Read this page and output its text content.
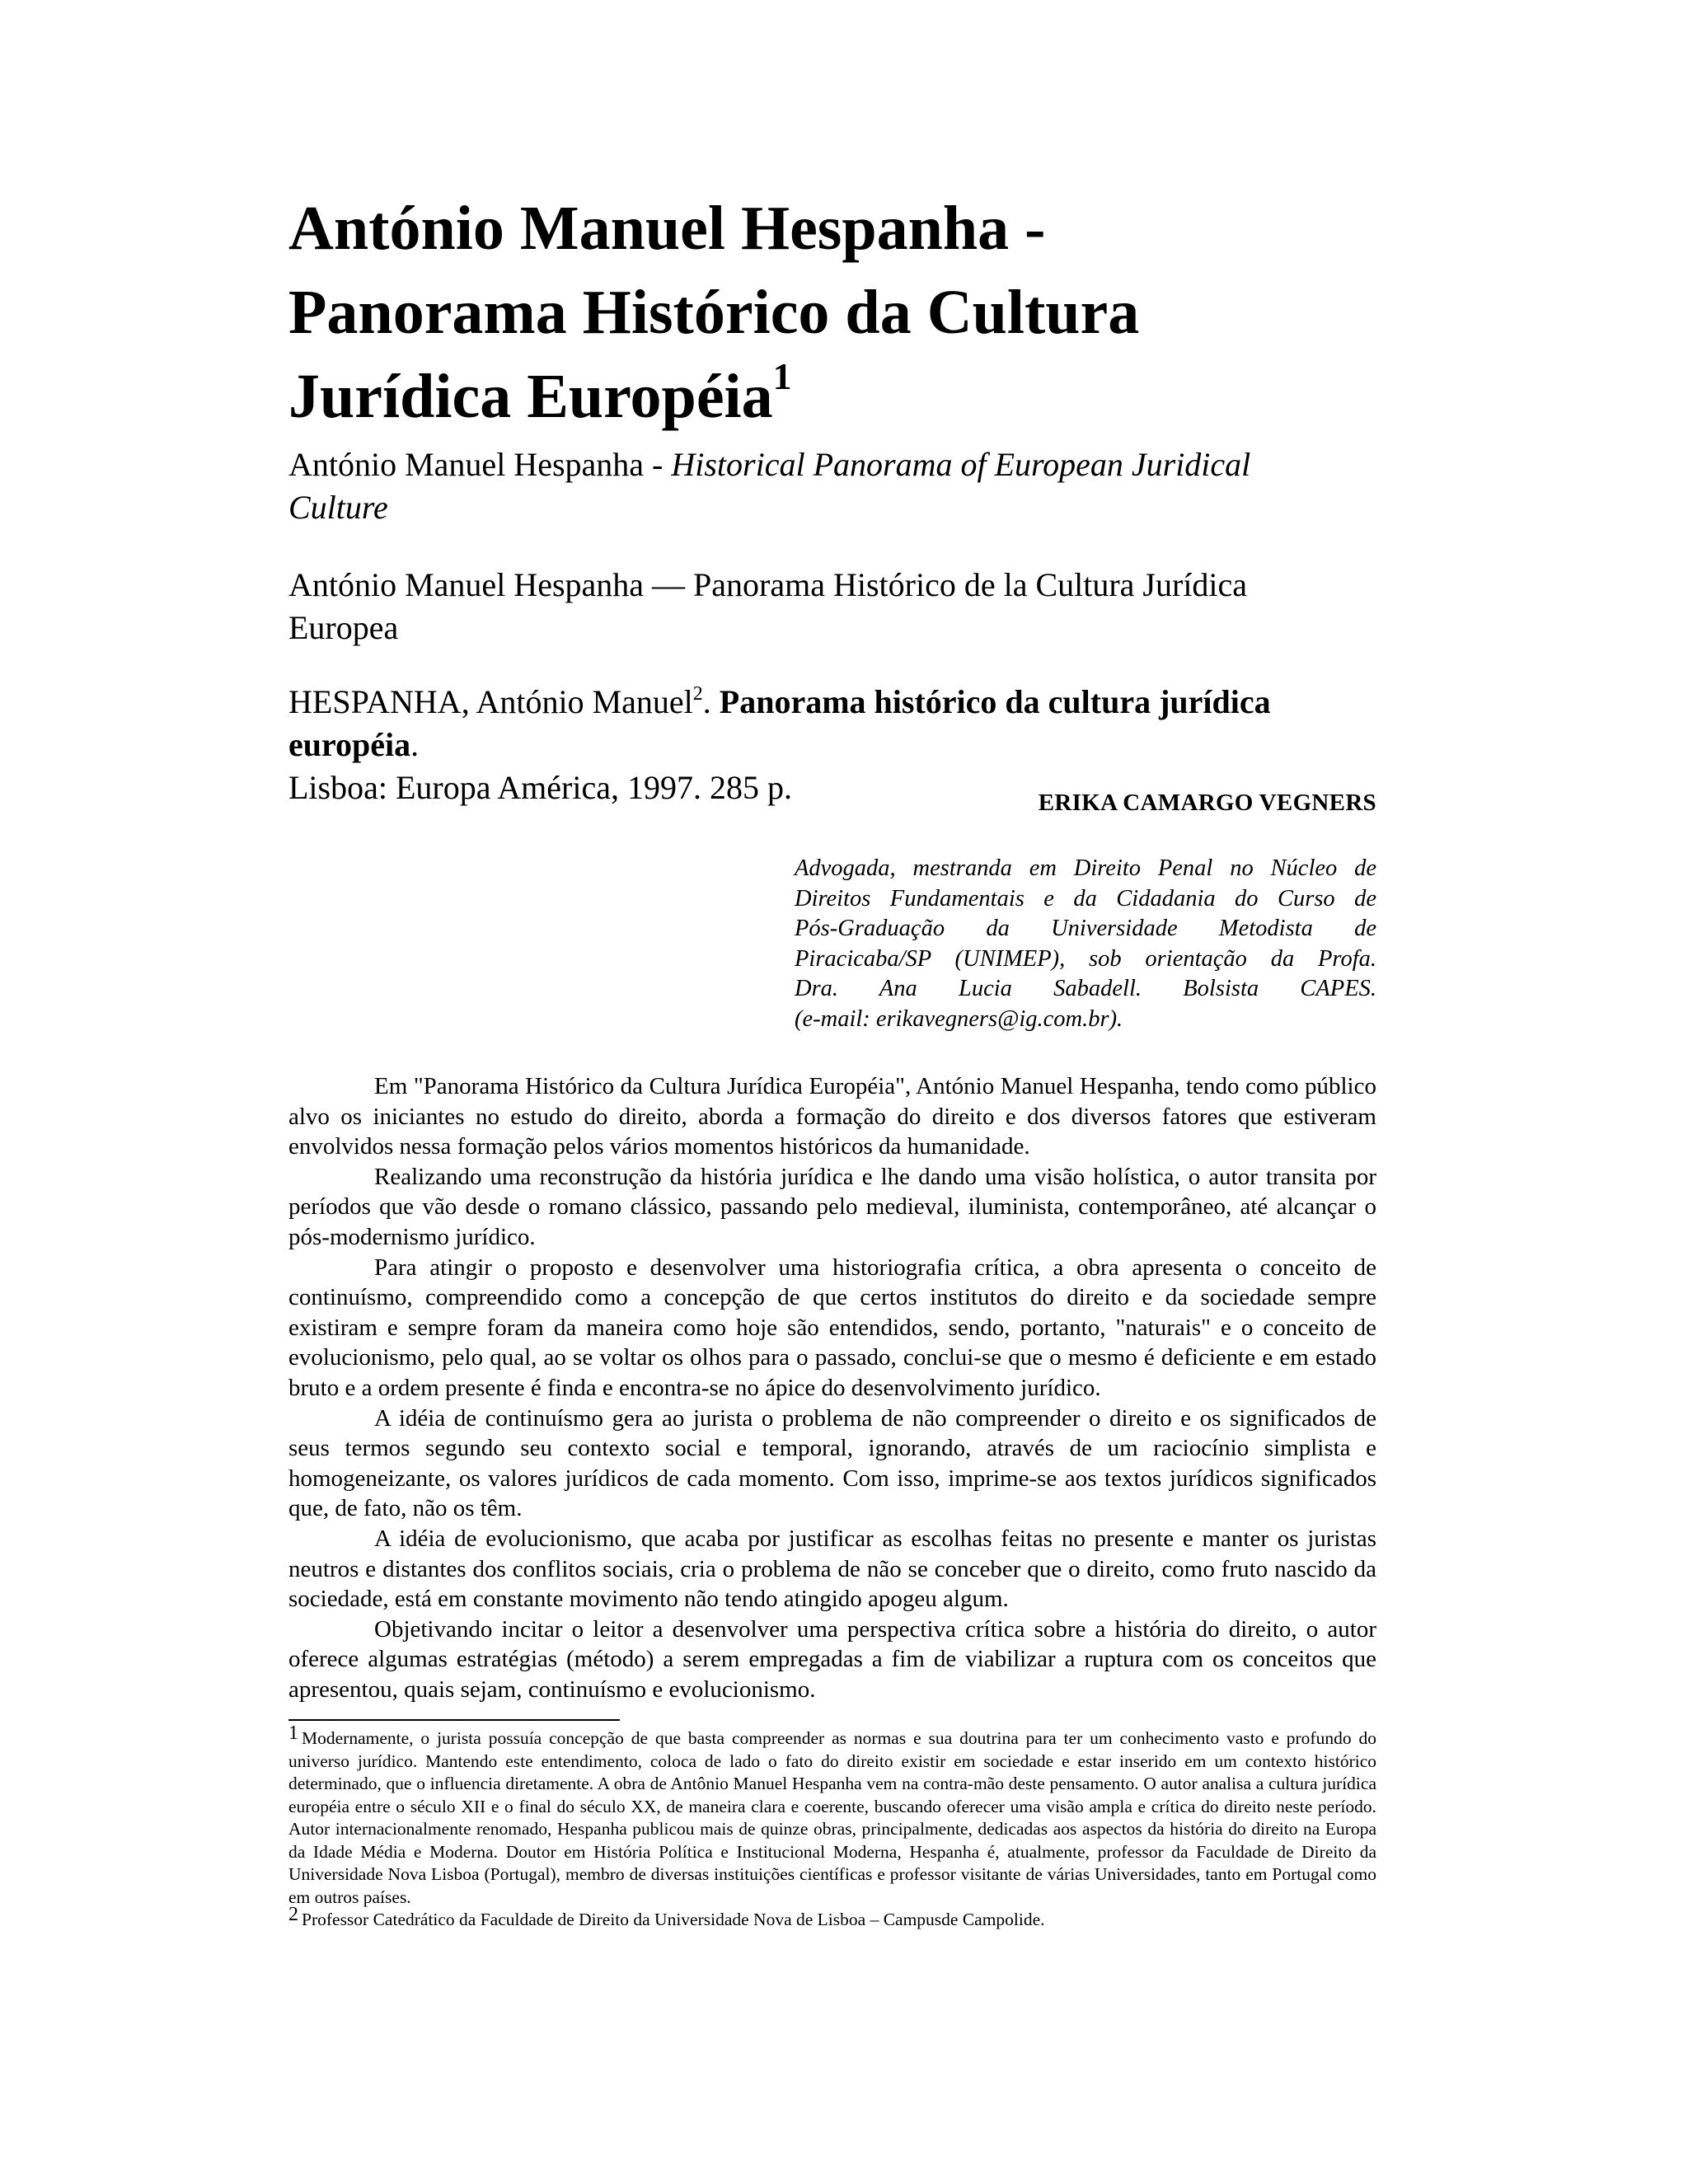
António Manuel Hespanha -
Panorama Histórico da Cultura
Jurídica Européia$^1$

António Manuel Hespanha - Historical Panorama of European Juridical
Culture

António Manuel Hespanha — Panorama Histórico de la Cultura Jurídica
Europea

HESPANHA, António Manuel$^2$. Panorama histórico da cultura jurídica européia.
Lisboa: Europa América, 1997. 285 p.	ERIKA CAMARGO VEGNERS

Advogada, mestranda em Direito Penal no Núcleo de
Direitos Fundamentais e da Cidadania do Curso de
Pós-Graduação da Universidade Metodista de
Piracicaba/SP (UNIMEP), sob orientação da Profa.
Dra. Ana Lucia Sabadell. Bolsista CAPES.
(e-mail: erikavegners@ig.com.br).

Em "Panorama Histórico da Cultura Jurídica Européia", António Manuel Hespanha, tendo como público alvo os iniciantes no estudo do direito, aborda a formação do direito e dos diversos fatores que estiveram envolvidos nessa formação pelos vários momentos históricos da humanidade.

Realizando uma reconstrução da história jurídica e lhe dando uma visão holística, o autor transita por períodos que vão desde o romano clássico, passando pelo medieval, iluminista, contemporâneo, até alcançar o pós-modernismo jurídico.

Para atingir o proposto e desenvolver uma historiografia crítica, a obra apresenta o conceito de continuísmo, compreendido como a concepção de que certos institutos do direito e da sociedade sempre existiram e sempre foram da maneira como hoje são entendidos, sendo, portanto, "naturais" e o conceito de evolucionismo, pelo qual, ao se voltar os olhos para o passado, conclui-se que o mesmo é deficiente e em estado bruto e a ordem presente é finda e encontra-se no ápice do desenvolvimento jurídico.

A idéia de continuísmo gera ao jurista o problema de não compreender o direito e os significados de seus termos segundo seu contexto social e temporal, ignorando, através de um raciocínio simplista e homogeneizante, os valores jurídicos de cada momento. Com isso, imprime-se aos textos jurídicos significados que, de fato, não os têm.

A idéia de evolucionismo, que acaba por justificar as escolhas feitas no presente e manter os juristas neutros e distantes dos conflitos sociais, cria o problema de não se conceber que o direito, como fruto nascido da sociedade, está em constante movimento não tendo atingido apogeu algum.

Objetivando incitar o leitor a desenvolver uma perspectiva crítica sobre a história do direito, o autor oferece algumas estratégias (método) a serem empregadas a fim de viabilizar a ruptura com os conceitos que apresentou, quais sejam, continuísmo e evolucionismo.

$^1$ Modernamente, o jurista possuía concepção de que basta compreender as normas e sua doutrina para ter um conhecimento vasto e profundo do universo jurídico. Mantendo este entendimento, coloca de lado o fato do direito existir em sociedade e estar inserido em um contexto histórico determinado, que o influencia diretamente. A obra de Antônio Manuel Hespanha vem na contra-mão deste pensamento. O autor analisa a cultura jurídica européia entre o século XII e o final do século XX, de maneira clara e coerente, buscando oferecer uma visão ampla e crítica do direito neste período. Autor internacionalmente renomado, Hespanha publicou mais de quinze obras, principalmente, dedicadas aos aspectos da história do direito na Europa da Idade Média e Moderna. Doutor em História Política e Institucional Moderna, Hespanha é, atualmente, professor da Faculdade de Direito da Universidade Nova Lisboa (Portugal), membro de diversas instituições científicas e professor visitante de várias Universidades, tanto em Portugal como em outros países.

$^2$ Professor Catedrático da Faculdade de Direito da Universidade Nova de Lisboa – Campusde Campolide.
